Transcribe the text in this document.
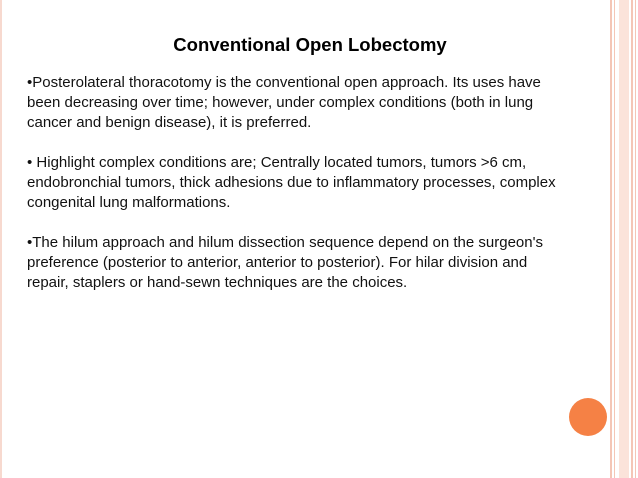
Conventional Open Lobectomy

•Posterolateral thoracotomy is the conventional open approach. Its uses have
been decreasing over time; however, under complex conditions (both in lung
cancer and benign disease), it is preferred.

• Highlight complex conditions are; Centrally located tumors, tumors >6 cm,
endobronchial tumors, thick adhesions due to inflammatory processes, complex
congenital lung malformations.

•The hilum approach and hilum dissection sequence depend on the surgeon's
preference (posterior to anterior, anterior to posterior). For hilar division and
repair, staplers or hand-sewn techniques are the choices.
